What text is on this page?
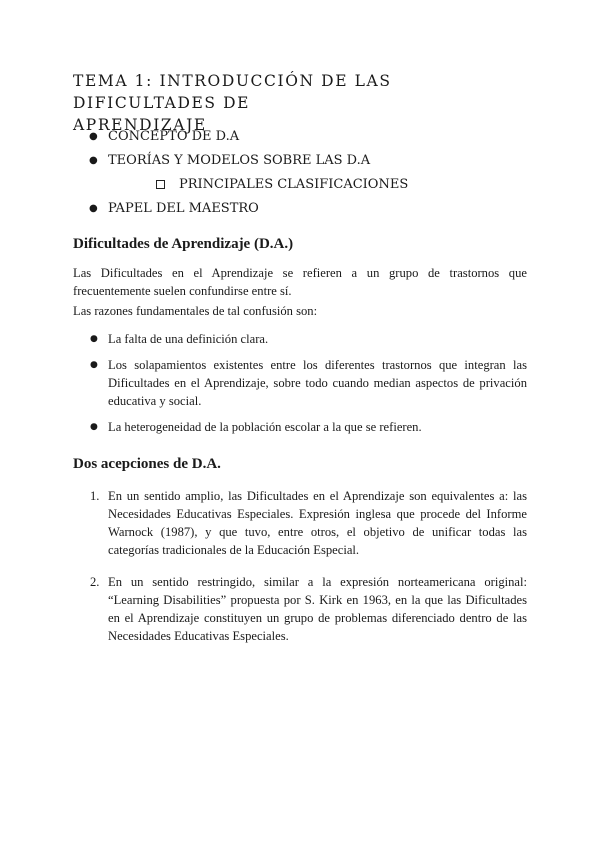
TEMA 1: INTRODUCCIÓN DE LAS DIFICULTADES DE
APRENDIZAJE
● CONCEPTO DE D.A
● TEORÍAS Y MODELOS SOBRE LAS D.A
PRINCIPALES CLASIFICACIONES
● PAPEL DEL MAESTRO
Dificultades de Aprendizaje (D.A.)

Las Dificultades en el Aprendizaje se refieren a un grupo de trastornos que frecuentemente suelen confundirse entre sí.

Las razones fundamentales de tal confusión son:

● La falta de una definición clara.
● Los solapamientos existentes entre los diferentes trastornos que integran las Dificultades en el Aprendizaje, sobre todo cuando median aspectos de privación educativa y social.
● La heterogeneidad de la población escolar a la que se refieren.
Dos acepciones de D.A.
1. En un sentido amplio, las Dificultades en el Aprendizaje son equivalentes a: las Necesidades Educativas Especiales. Expresión inglesa que procede del Informe Warnock (1987), y que tuvo, entre otros, el objetivo de unificar todas las categorías tradicionales de la Educación Especial.
2. En un sentido restringido, similar a la expresión norteamericana original: “Learning Disabilities” propuesta por S. Kirk en 1963, en la que las Dificultades en el Aprendizaje constituyen un grupo de problemas diferenciado dentro de las Necesidades Educativas Especiales.
